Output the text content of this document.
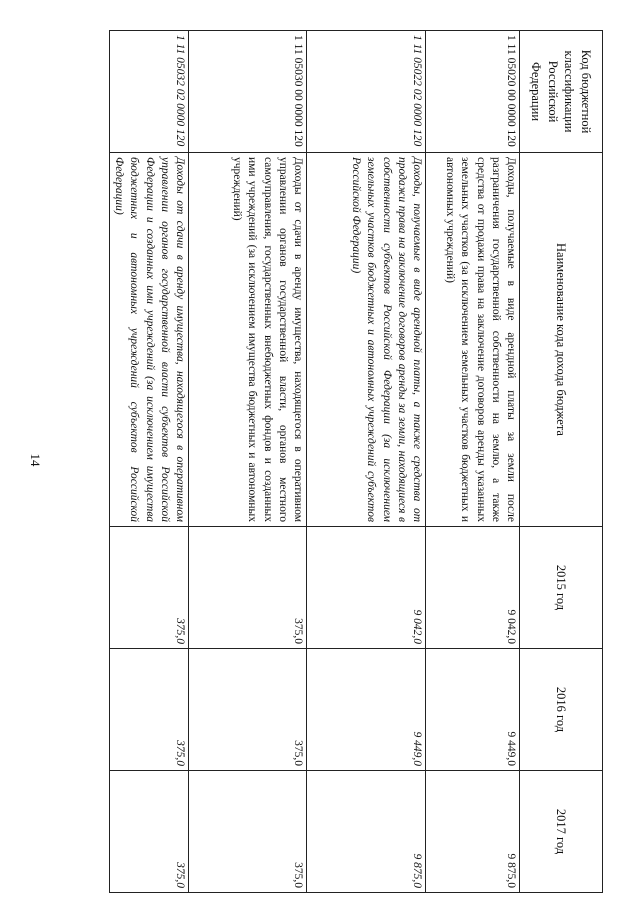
14
Код бюджетной классификации Российской Федерации	Наименование кода дохода бюджета	2015 год	2016 год	2017 год
1 11 05020 00 0000 120	Доходы, получаемые в виде арендной платы за земли после разграничения государственной собственности на землю, а также средства от продажи права на заключение договоров аренды указанных земельных участков (за исключением земельных участков бюджетных и автономных учреждений)	9 042,0	9 449,0	9 875,0
1 11 05022 02 0000 120	Доходы, получаемые в виде арендной платы, а также средства от продажи права на заключение договоров аренды за земли, находящиеся в собственности субъектов Российской Федерации (за исключением земельных участков бюджетных и автономных учреждений субъектов Российской Федерации)	9 042,0	9 449,0	9 875,0
1 11 05030 00 0000 120	Доходы от сдачи в аренду имущества, находящегося в оперативном управлении органов государственной власти, органов местного самоуправления, государственных внебюджетных фондов и созданных ими учреждений (за исключением имущества бюджетных и автономных учреждений)	375,0	375,0	375,0
1 11 05032 02 0000 120	Доходы от сдачи в аренду имущества, находящегося в оперативном управлении органов государственной власти субъектов Российской Федерации и созданных ими учреждений (за исключением имущества бюджетных и автономных учреждений субъектов Российской Федерации)	375,0	375,0	375,0
